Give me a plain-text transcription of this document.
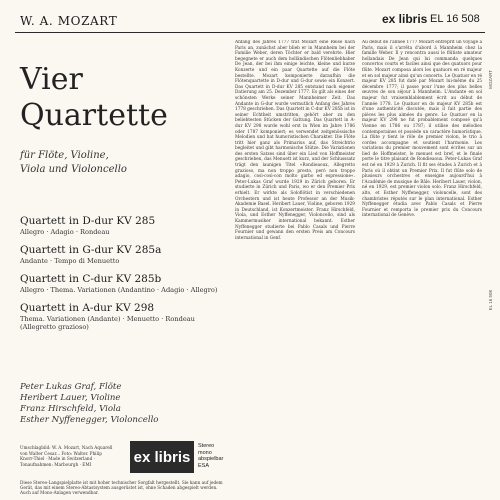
W. A. MOZART	ex libris EL 16 508
Vier
Quartette
für Flöte, Violine,
Viola und Violoncello

Quartett in D-dur KV 285

Allegro · Adagio · Rondeau

Quartett in G-dur KV 285a

Andante · Tempo di Menuetto

Quartett in C-dur KV 285b

Allegro · Thema. Variationen (Andantino · Adagio · Allegro)

Quartett in A-dur KV 298

Thema. Variationen (Andante) · Menuetto · Rondeau (Allegretto grazioso)

Peter Lukas Graf, Flöte

Heribert Lauer, Violine

Franz Hirschfeld, Viola

Esther Nyffenegger, Violoncello

Umschlagbild: W. A. Mozart, Nach Aquarell von Walter Cesar... Foto: Walter. Philip Knorr-Thiel · Made in Switzerland · Tonaufnahmen: Marbourgh · EMI	ex libris
Stereo
mono abspielbar
ESA
Diese Stereo-Langspielplatte ist mit hoher technischer Sorgfalt hergestellt. Sie kann auf jedem Gerät, das mit einem Stereo-Abtastsystem ausgerüstet ist, ohne Schaden abgespielt werden. Auch auf Mono-Anlagen verwendbar.
Anfang des Jahres 1777 trat Mozart eine Reise nach Paris an, zunächst aber blieb er in Mannheim bei der Familie Weber, deren Töchter er bald verehrte. Hier begegnete er auch dem holländischen Flötenliebhaber De Jean, der bei ihm einige leichte, kleine und kurze Konzerte und ein paar Quartette auf die Flöte bestellte. Mozart komponierte daraufhin die Flötenquartette in D-dur und G-dur sowie ein Konzert. Das Quartett in D-dur KV 285 entstand nach eigener Datierung am 25. Dezember 1777. Es gilt als eines der schönsten Werke seiner Mannheimer Zeit. Das Andante in G-dur wurde vermutlich Anfang des Jahres 1778 geschrieben. Das Quartett in C-dur KV 285b ist in seiner Echtheit umstritten, gehört aber zu den beliebtesten Stücken der Gattung. Das Quartett in A-dur KV 298 wurde wohl erst in Wien im Jahre 1786 oder 1787 komponiert; es verwendet zeitgenössische Melodien und hat humoristischen Charakter. Die Flöte tritt hier ganz als Primarius auf, das Streichtrio begleitet und gibt harmonische Stütze. Die Variationen des ersten Satzes sind über ein Lied von Hoffmeister geschrieben, das Menuett ist kurz, und der Schlusssatz trägt den launigen Titel »Rondieaoux, Allegretto grazioso, ma non troppo presto, però non troppo adagio, così-così-con molto garbo ed espressione«. Peter-Lukas Graf wurde 1929 in Zürich geboren. Er studierte in Zürich und Paris, wo er den Premier Prix erhielt. Er wirkte als Soloflötist in verschiedenen Orchestern und ist heute Professor an der Musik-Akademie Basel. Heribert Lauer, Violine, geboren 1929 in Deutschland, ist Konzertmeister. Franz Hirschfeld, Viola, und Esther Nyffenegger, Violoncello, sind als Kammermusiker international bekannt. Esther Nyffenegger studierte bei Pablo Casals und Pierre Fournier und gewann den ersten Preis am Concours international in Genf.
Au début de l'année 1777 Mozart entreprit un voyage à Paris, mais il s'arrêta d'abord à Mannheim chez la famille Weber. Il y rencontra aussi le flûtiste amateur hollandais De Jean qui lui commanda quelques concertos courts et faciles ainsi que des quatuors pour flûte. Mozart composa alors les quatuors en ré majeur et en sol majeur ainsi qu'un concerto. Le Quatuor en ré majeur KV 285 fut daté par Mozart lui-même du 25 décembre 1777; il passe pour l'une des plus belles œuvres de son séjour à Mannheim. L'Andante en sol majeur fut vraisemblablement écrit au début de l'année 1778. Le Quatuor en do majeur KV 285b est d'une authenticité discutée, mais il fait partie des pièces les plus aimées du genre. Le Quatuor en la majeur KV 298 ne fut probablement composé qu'à Vienne en 1786 ou 1787; il utilise des mélodies contemporaines et possède un caractère humoristique. La flûte y tient le rôle de premier violon, le trio à cordes accompagne et soutient l'harmonie. Les variations du premier mouvement sont écrites sur un lied de Hoffmeister, le menuet est bref, et le finale porte le titre plaisant de Rondieaoux. Peter-Lukas Graf est né en 1929 à Zurich. Il fit ses études à Zurich et à Paris où il obtint un Premier Prix. Il fut flûte solo de plusieurs orchestres et enseigne aujourd'hui à l'Académie de musique de Bâle. Heribert Lauer, violon, né en 1929, est premier violon solo. Franz Hirschfeld, alto, et Esther Nyffenegger, violoncelle, sont des chambristes réputés sur le plan international. Esther Nyffenegger étudia avec Pablo Casals et Pierre Fournier et remporta le premier prix du Concours international de Genève.
MOZART
EL 16 508
